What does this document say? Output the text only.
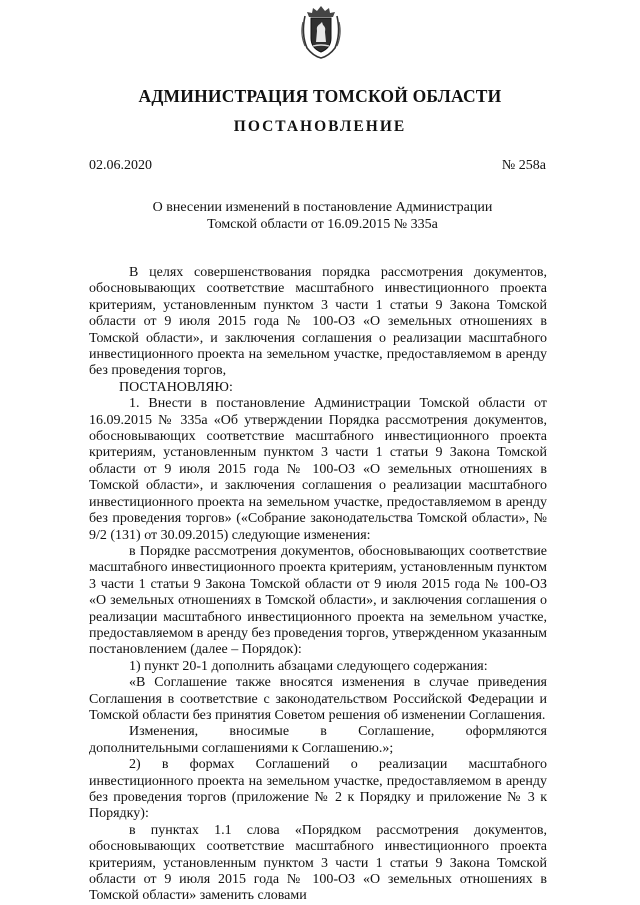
АДМИНИСТРАЦИЯ ТОМСКОЙ ОБЛАСТИ
ПОСТАНОВЛЕНИЕ
02.06.2020	№ 258а
О внесении изменений в постановление Администрации Томской области от 16.09.2015 № 335а

В целях совершенствования порядка рассмотрения документов, обосновывающих соответствие масштабного инвестиционного проекта критериям, установленным пунктом 3 части 1 статьи 9 Закона Томской области от 9 июля 2015 года № 100-ОЗ «О земельных отношениях в Томской области», и заключения соглашения о реализации масштабного инвестиционного проекта на земельном участке, предоставляемом в аренду без проведения торгов,

ПОСТАНОВЛЯЮ:

1. Внести в постановление Администрации Томской области от 16.09.2015 № 335а «Об утверждении Порядка рассмотрения документов, обосновывающих соответствие масштабного инвестиционного проекта критериям, установленным пунктом 3 части 1 статьи 9 Закона Томской области от 9 июля 2015 года № 100-ОЗ «О земельных отношениях в Томской области», и заключения соглашения о реализации масштабного инвестиционного проекта на земельном участке, предоставляемом в аренду без проведения торгов» («Собрание законодательства Томской области», № 9/2 (131) от 30.09.2015) следующие изменения:

в Порядке рассмотрения документов, обосновывающих соответствие масштабного инвестиционного проекта критериям, установленным пунктом 3 части 1 статьи 9 Закона Томской области от 9 июля 2015 года № 100-ОЗ «О земельных отношениях в Томской области», и заключения соглашения о реализации масштабного инвестиционного проекта на земельном участке, предоставляемом в аренду без проведения торгов, утвержденном указанным постановлением (далее – Порядок):

1) пункт 20-1 дополнить абзацами следующего содержания:

«В Соглашение также вносятся изменения в случае приведения Соглашения в соответствие с законодательством Российской Федерации и Томской области без принятия Советом решения об изменении Соглашения.

Изменения, вносимые в Соглашение, оформляются дополнительными соглашениями к Соглашению.»;

2) в формах Соглашений о реализации масштабного инвестиционного проекта на земельном участке, предоставляемом в аренду без проведения торгов (приложение № 2 к Порядку и приложение № 3 к Порядку):

в пунктах 1.1 слова «Порядком рассмотрения документов, обосновывающих соответствие масштабного инвестиционного проекта критериям, установленным пунктом 3 части 1 статьи 9 Закона Томской области от 9 июля 2015 года № 100-ОЗ «О земельных отношениях в Томской области» заменить словами
